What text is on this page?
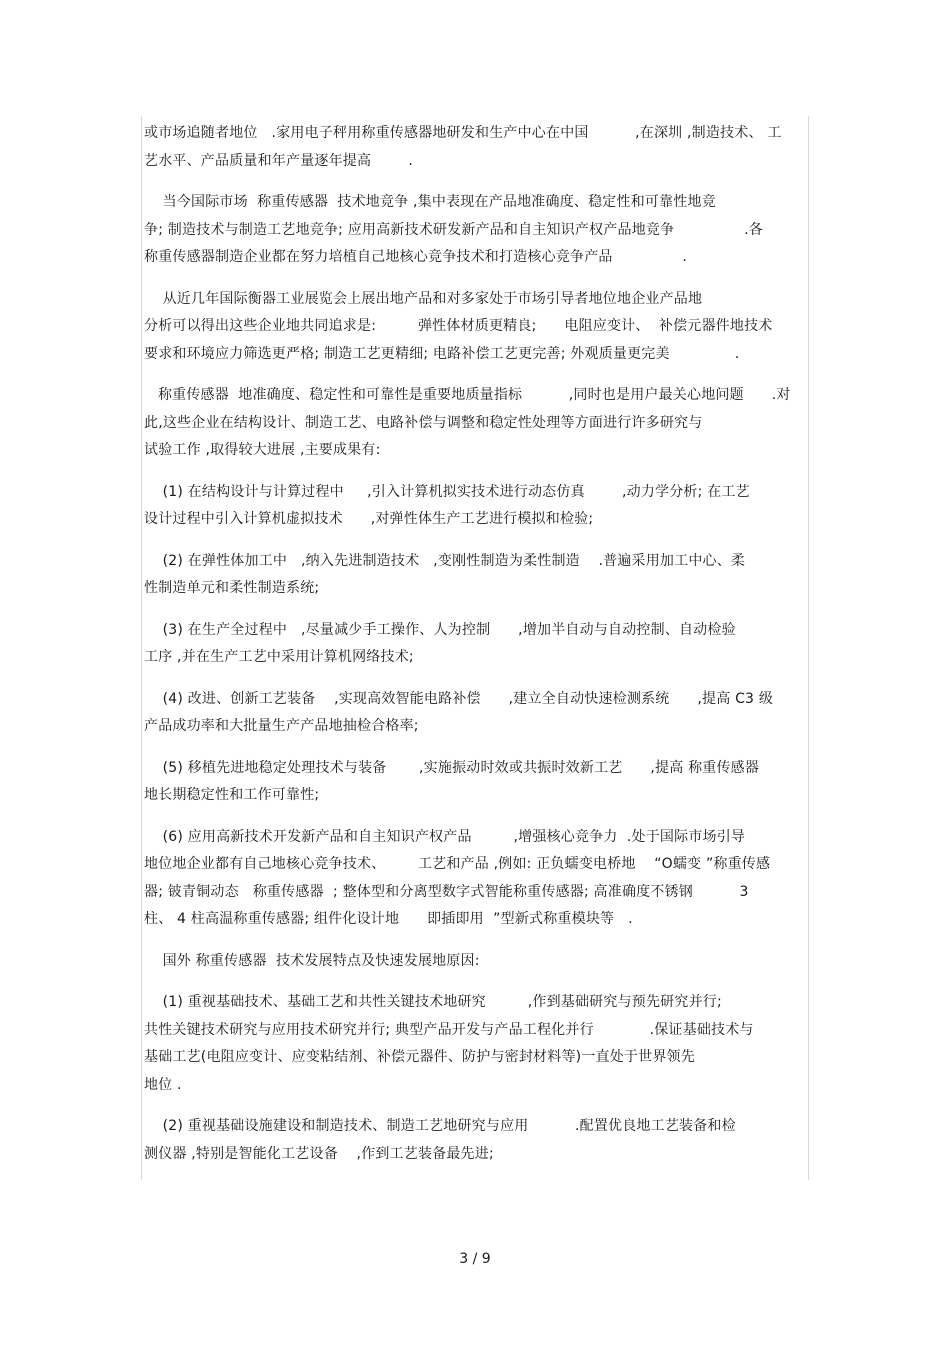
或市场追随者地位   .家用电子秤用称重传感器地研发和生产中心在中国          ,在深圳 ,制造技术、 工
艺水平、产品质量和年产量逐年提高        .

当今国际市场  称重传感器  技术地竞争 ,集中表现在产品地准确度、稳定性和可靠性地竞
争; 制造技术与制造工艺地竞争; 应用高新技术研发新产品和自主知识产权产品地竞争               .各
称重传感器制造企业都在努力培植自己地核心竞争技术和打造核心竞争产品               .

从近几年国际衡器工业展览会上展出地产品和对多家处于市场引导者地位地企业产品地
分析可以得出这些企业地共同追求是:         弹性体材质更精良;      电阻应变计、  补偿元器件地技术
要求和环境应力筛选更严格; 制造工艺更精细; 电路补偿工艺更完善; 外观质量更完美              .

称重传感器  地准确度、稳定性和可靠性是重要地质量指标          ,同时也是用户最关心地问题      .对
此,这些企业在结构设计、制造工艺、电路补偿与调整和稳定性处理等方面进行许多研究与
试验工作 ,取得较大进展 ,主要成果有:

(1) 在结构设计与计算过程中     ,引入计算机拟实技术进行动态仿真        ,动力学分析; 在工艺
设计过程中引入计算机虚拟技术      ,对弹性体生产工艺进行模拟和检验;

(2) 在弹性体加工中   ,纳入先进制造技术   ,变刚性制造为柔性制造    .普遍采用加工中心、柔
性制造单元和柔性制造系统;

(3) 在生产全过程中   ,尽量减少手工操作、人为控制      ,增加半自动与自动控制、自动检验
工序 ,并在生产工艺中采用计算机网络技术;

(4) 改进、创新工艺装备    ,实现高效智能电路补偿      ,建立全自动快速检测系统      ,提高 C3 级
产品成功率和大批量生产产品地抽检合格率;

(5) 移植先进地稳定处理技术与装备       ,实施振动时效或共振时效新工艺      ,提高 称重传感器
地长期稳定性和工作可靠性;

(6) 应用高新技术开发新产品和自主知识产权产品         ,增强核心竞争力  .处于国际市场引导
地位地企业都有自己地核心竞争技术、       工艺和产品 ,例如: 正负蠕变电桥地    “O蠕变 ”称重传感
器; 铍青铜动态   称重传感器  ; 整体型和分离型数字式智能称重传感器; 高准确度不锈钢          3
柱、 4 柱高温称重传感器; 组件化设计地      即插即用  ”型新式称重模块等   .

国外 称重传感器  技术发展特点及快速发展地原因:

(1) 重视基础技术、基础工艺和共性关键技术地研究         ,作到基础研究与预先研究并行;
共性关键技术研究与应用技术研究并行; 典型产品开发与产品工程化并行            .保证基础技术与
基础工艺(电阻应变计、应变粘结剂、补偿元器件、防护与密封材料等)一直处于世界领先
地位 .

(2) 重视基础设施建设和制造技术、制造工艺地研究与应用          .配置优良地工艺装备和检
测仪器 ,特别是智能化工艺设备    ,作到工艺装备最先进;

3 / 9
